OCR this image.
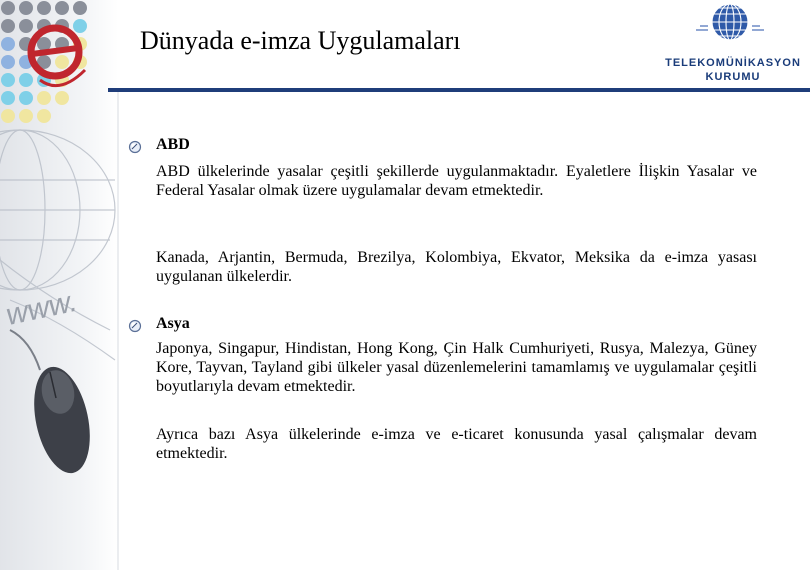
www.
Dünyada e-imza Uygulamaları
TELEKOMÜNİKASYON
KURUMU
ABD

ABD ülkelerinde yasalar çeşitli şekillerde uygulanmaktadır. Eyaletlere İlişkin Yasalar ve Federal Yasalar olmak üzere uygulamalar devam etmektedir.

Kanada, Arjantin, Bermuda, Brezilya, Kolombiya, Ekvator, Meksika da e-imza yasası uygulanan ülkelerdir.

Asya

Japonya, Singapur, Hindistan, Hong Kong, Çin Halk Cumhuriyeti, Rusya, Malezya, Güney Kore, Tayvan, Tayland gibi ülkeler yasal düzenlemelerini tamamlamış ve uygulamalar çeşitli boyutlarıyla devam etmektedir.

Ayrıca bazı Asya ülkelerinde e-imza ve e-ticaret konusunda yasal çalışmalar devam etmektedir.
